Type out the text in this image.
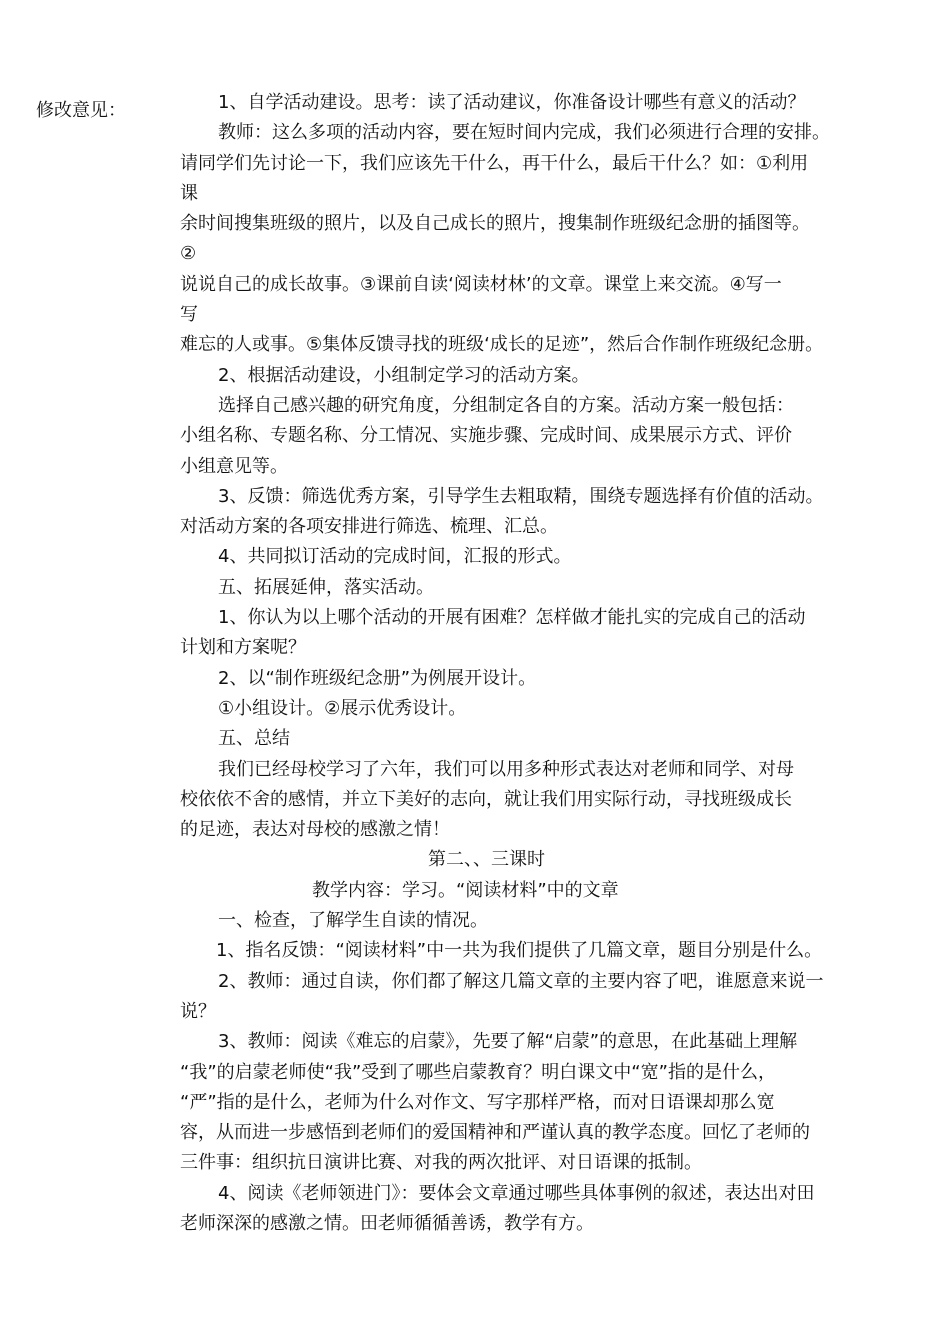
修改意见：	1、自学活动建设。思考：读了活动建议，你准备设计哪些有意义的活动？
教师：这么多项的活动内容，要在短时间内完成，我们必须进行合理的安排。
请同学们先讨论一下，我们应该先干什么，再干什么，最后干什么？如：①利用
课
余时间搜集班级的照片，以及自己成长的照片，搜集制作班级纪念册的插图等。
②
说说自己的成长故事。③课前自读‘阅读材林’的文章。课堂上来交流。④写一
写
难忘的人或事。⑤集体反馈寻找的班级‘成长的足迹”，然后合作制作班级纪念册。
2、根据活动建设，小组制定学习的活动方案。
选择自己感兴趣的研究角度，分组制定各自的方案。活动方案一般包括：
小组名称、专题名称、分工情况、实施步骤、完成时间、成果展示方式、评价
小组意见等。
3、反馈：筛选优秀方案，引导学生去粗取精，围绕专题选择有价值的活动。
对活动方案的各项安排进行筛选、梳理、汇总。
4、共同拟订活动的完成时间，汇报的形式。
五、拓展延伸，落实活动。
1、你认为以上哪个活动的开展有困难？怎样做才能扎实的完成自己的活动
计划和方案呢？
2、以“制作班级纪念册”为例展开设计。
①小组设计。②展示优秀设计。
五、总结
我们已经母校学习了六年，我们可以用多种形式表达对老师和同学、对母
校依依不舍的感情，并立下美好的志向，就让我们用实际行动，寻找班级成长
的足迹，表达对母校的感激之情！
第二、、三课时
教学内容：学习。“阅读材料”中的文章
一、检查，了解学生自读的情况。
1、指名反馈：“阅读材料”中一共为我们提供了几篇文章，题目分别是什么。
2、教师：通过自读，你们都了解这几篇文章的主要内容了吧，谁愿意来说一
说？
3、教师：阅读《难忘的启蒙》，先要了解“启蒙”的意思，在此基础上理解
“我”的启蒙老师使“我”受到了哪些启蒙教育？明白课文中“宽”指的是什么，
“严”指的是什么，老师为什么对作文、写字那样严格，而对日语课却那么宽
容，从而进一步感悟到老师们的爱国精神和严谨认真的教学态度。回忆了老师的
三件事：组织抗日演讲比赛、对我的两次批评、对日语课的抵制。
4、阅读《老师领进门》：要体会文章通过哪些具体事例的叙述，表达出对田
老师深深的感激之情。田老师循循善诱，教学有方。
